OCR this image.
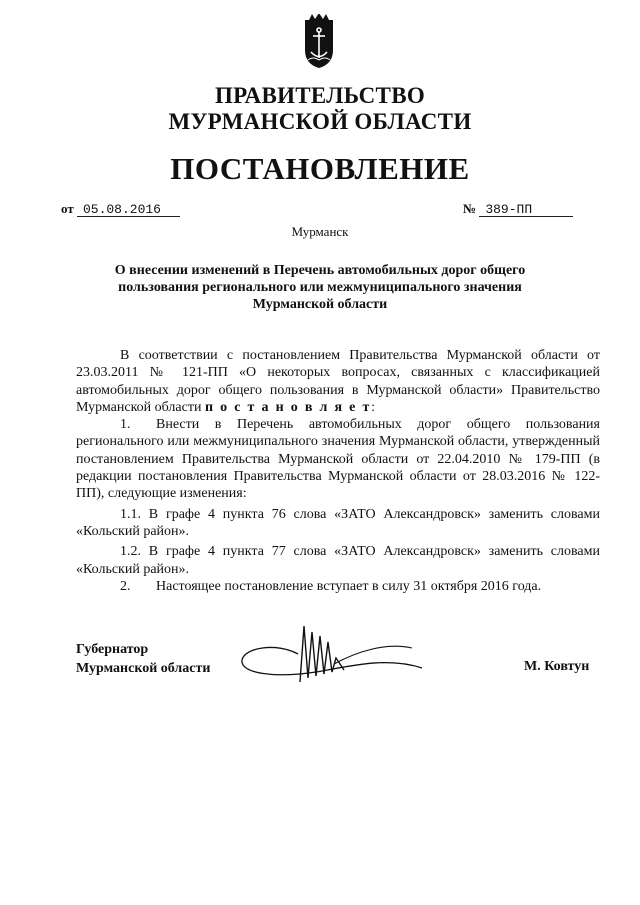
ПРАВИТЕЛЬСТВО
МУРМАНСКОЙ ОБЛАСТИ
ПОСТАНОВЛЕНИЕ
от 05.08.2016	№ 389-ПП
Мурманск
О внесении изменений в Перечень автомобильных дорог общего
пользования регионального или межмуниципального значения
Мурманской области

В соответствии с постановлением Правительства Мурманской области от 23.03.2011 № 121-ПП «О некоторых вопросах, связанных с классификацией автомобильных дорог общего пользования в Мурманской области» Правительство Мурманской области п о с т а н о в л я е т:

1. Внести в Перечень автомобильных дорог общего пользования регионального или межмуниципального значения Мурманской области, утвержденный постановлением Правительства Мурманской области от 22.04.2010 № 179-ПП (в редакции постановления Правительства Мурманской области от 28.03.2016 № 122-ПП), следующие изменения:

1.1. В графе 4 пункта 76 слова «ЗАТО Александровск» заменить словами «Кольский район».

1.2. В графе 4 пункта 77 слова «ЗАТО Александровск» заменить словами «Кольский район».

2. Настоящее постановление вступает в силу 31 октября 2016 года.

Губернатор
Мурманской области	М. Ковтун
